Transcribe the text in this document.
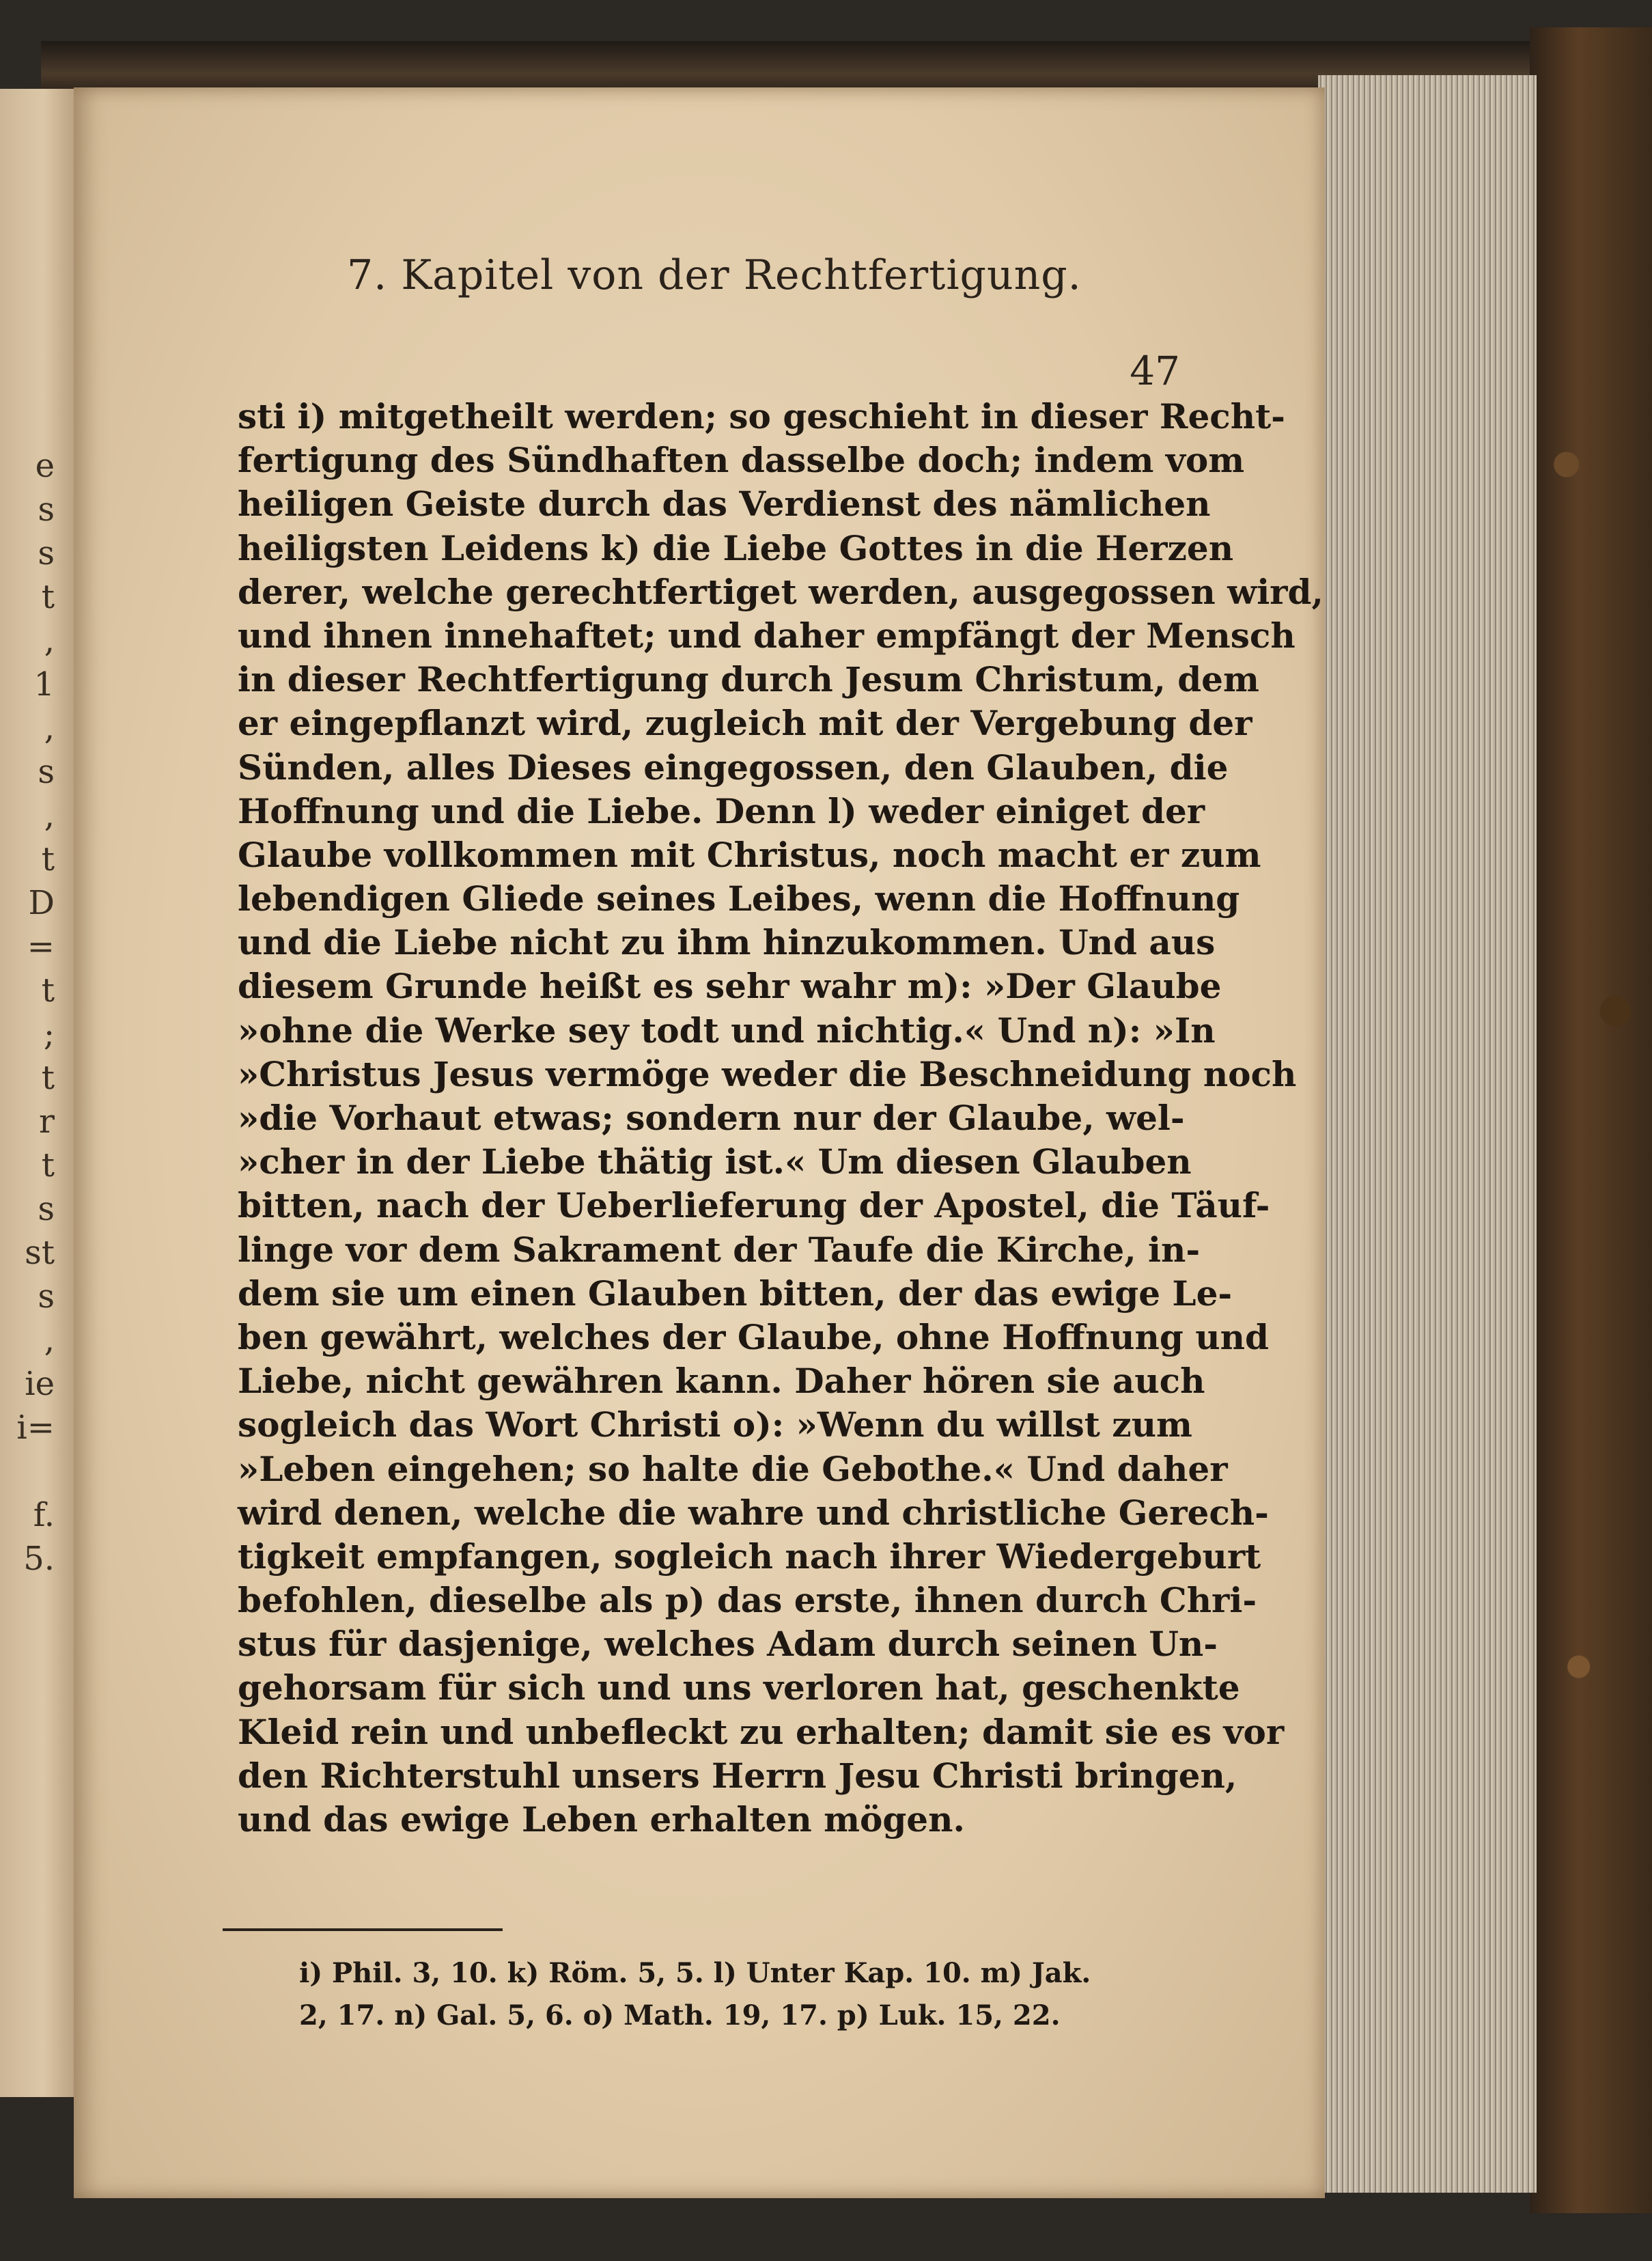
e
s
s
t
,
1
,
s
,
t
D
=
t
;
t
r
t
s
st
s
,
ie
i=
f.
5.
7. Kapitel von der Rechtfertigung.
47
sti i) mitgetheilt werden; so geschieht in dieser Recht-
fertigung des Sündhaften dasselbe doch; indem vom
heiligen Geiste durch das Verdienst des nämlichen
heiligsten Leidens k) die Liebe Gottes in die Herzen
derer, welche gerechtfertiget werden, ausgegossen wird,
und ihnen innehaftet; und daher empfängt der Mensch
in dieser Rechtfertigung durch Jesum Christum, dem
er eingepflanzt wird, zugleich mit der Vergebung der
Sünden, alles Dieses eingegossen, den Glauben, die
Hoffnung und die Liebe. Denn l) weder einiget der
Glaube vollkommen mit Christus, noch macht er zum
lebendigen Gliede seines Leibes, wenn die Hoffnung
und die Liebe nicht zu ihm hinzukommen. Und aus
diesem Grunde heißt es sehr wahr m): »Der Glaube
»ohne die Werke sey todt und nichtig.« Und n): »In
»Christus Jesus vermöge weder die Beschneidung noch
»die Vorhaut etwas; sondern nur der Glaube, wel-
»cher in der Liebe thätig ist.« Um diesen Glauben
bitten, nach der Ueberlieferung der Apostel, die Täuf-
linge vor dem Sakrament der Taufe die Kirche, in-
dem sie um einen Glauben bitten, der das ewige Le-
ben gewährt, welches der Glaube, ohne Hoffnung und
Liebe, nicht gewähren kann. Daher hören sie auch
sogleich das Wort Christi o): »Wenn du willst zum
»Leben eingehen; so halte die Gebothe.« Und daher
wird denen, welche die wahre und christliche Gerech-
tigkeit empfangen, sogleich nach ihrer Wiedergeburt
befohlen, dieselbe als p) das erste, ihnen durch Chri-
stus für dasjenige, welches Adam durch seinen Un-
gehorsam für sich und uns verloren hat, geschenkte
Kleid rein und unbefleckt zu erhalten; damit sie es vor
den Richterstuhl unsers Herrn Jesu Christi bringen,
und das ewige Leben erhalten mögen.
i) Phil. 3, 10. k) Röm. 5, 5. l) Unter Kap. 10. m) Jak.
2, 17. n) Gal. 5, 6. o) Math. 19, 17. p) Luk. 15, 22.
